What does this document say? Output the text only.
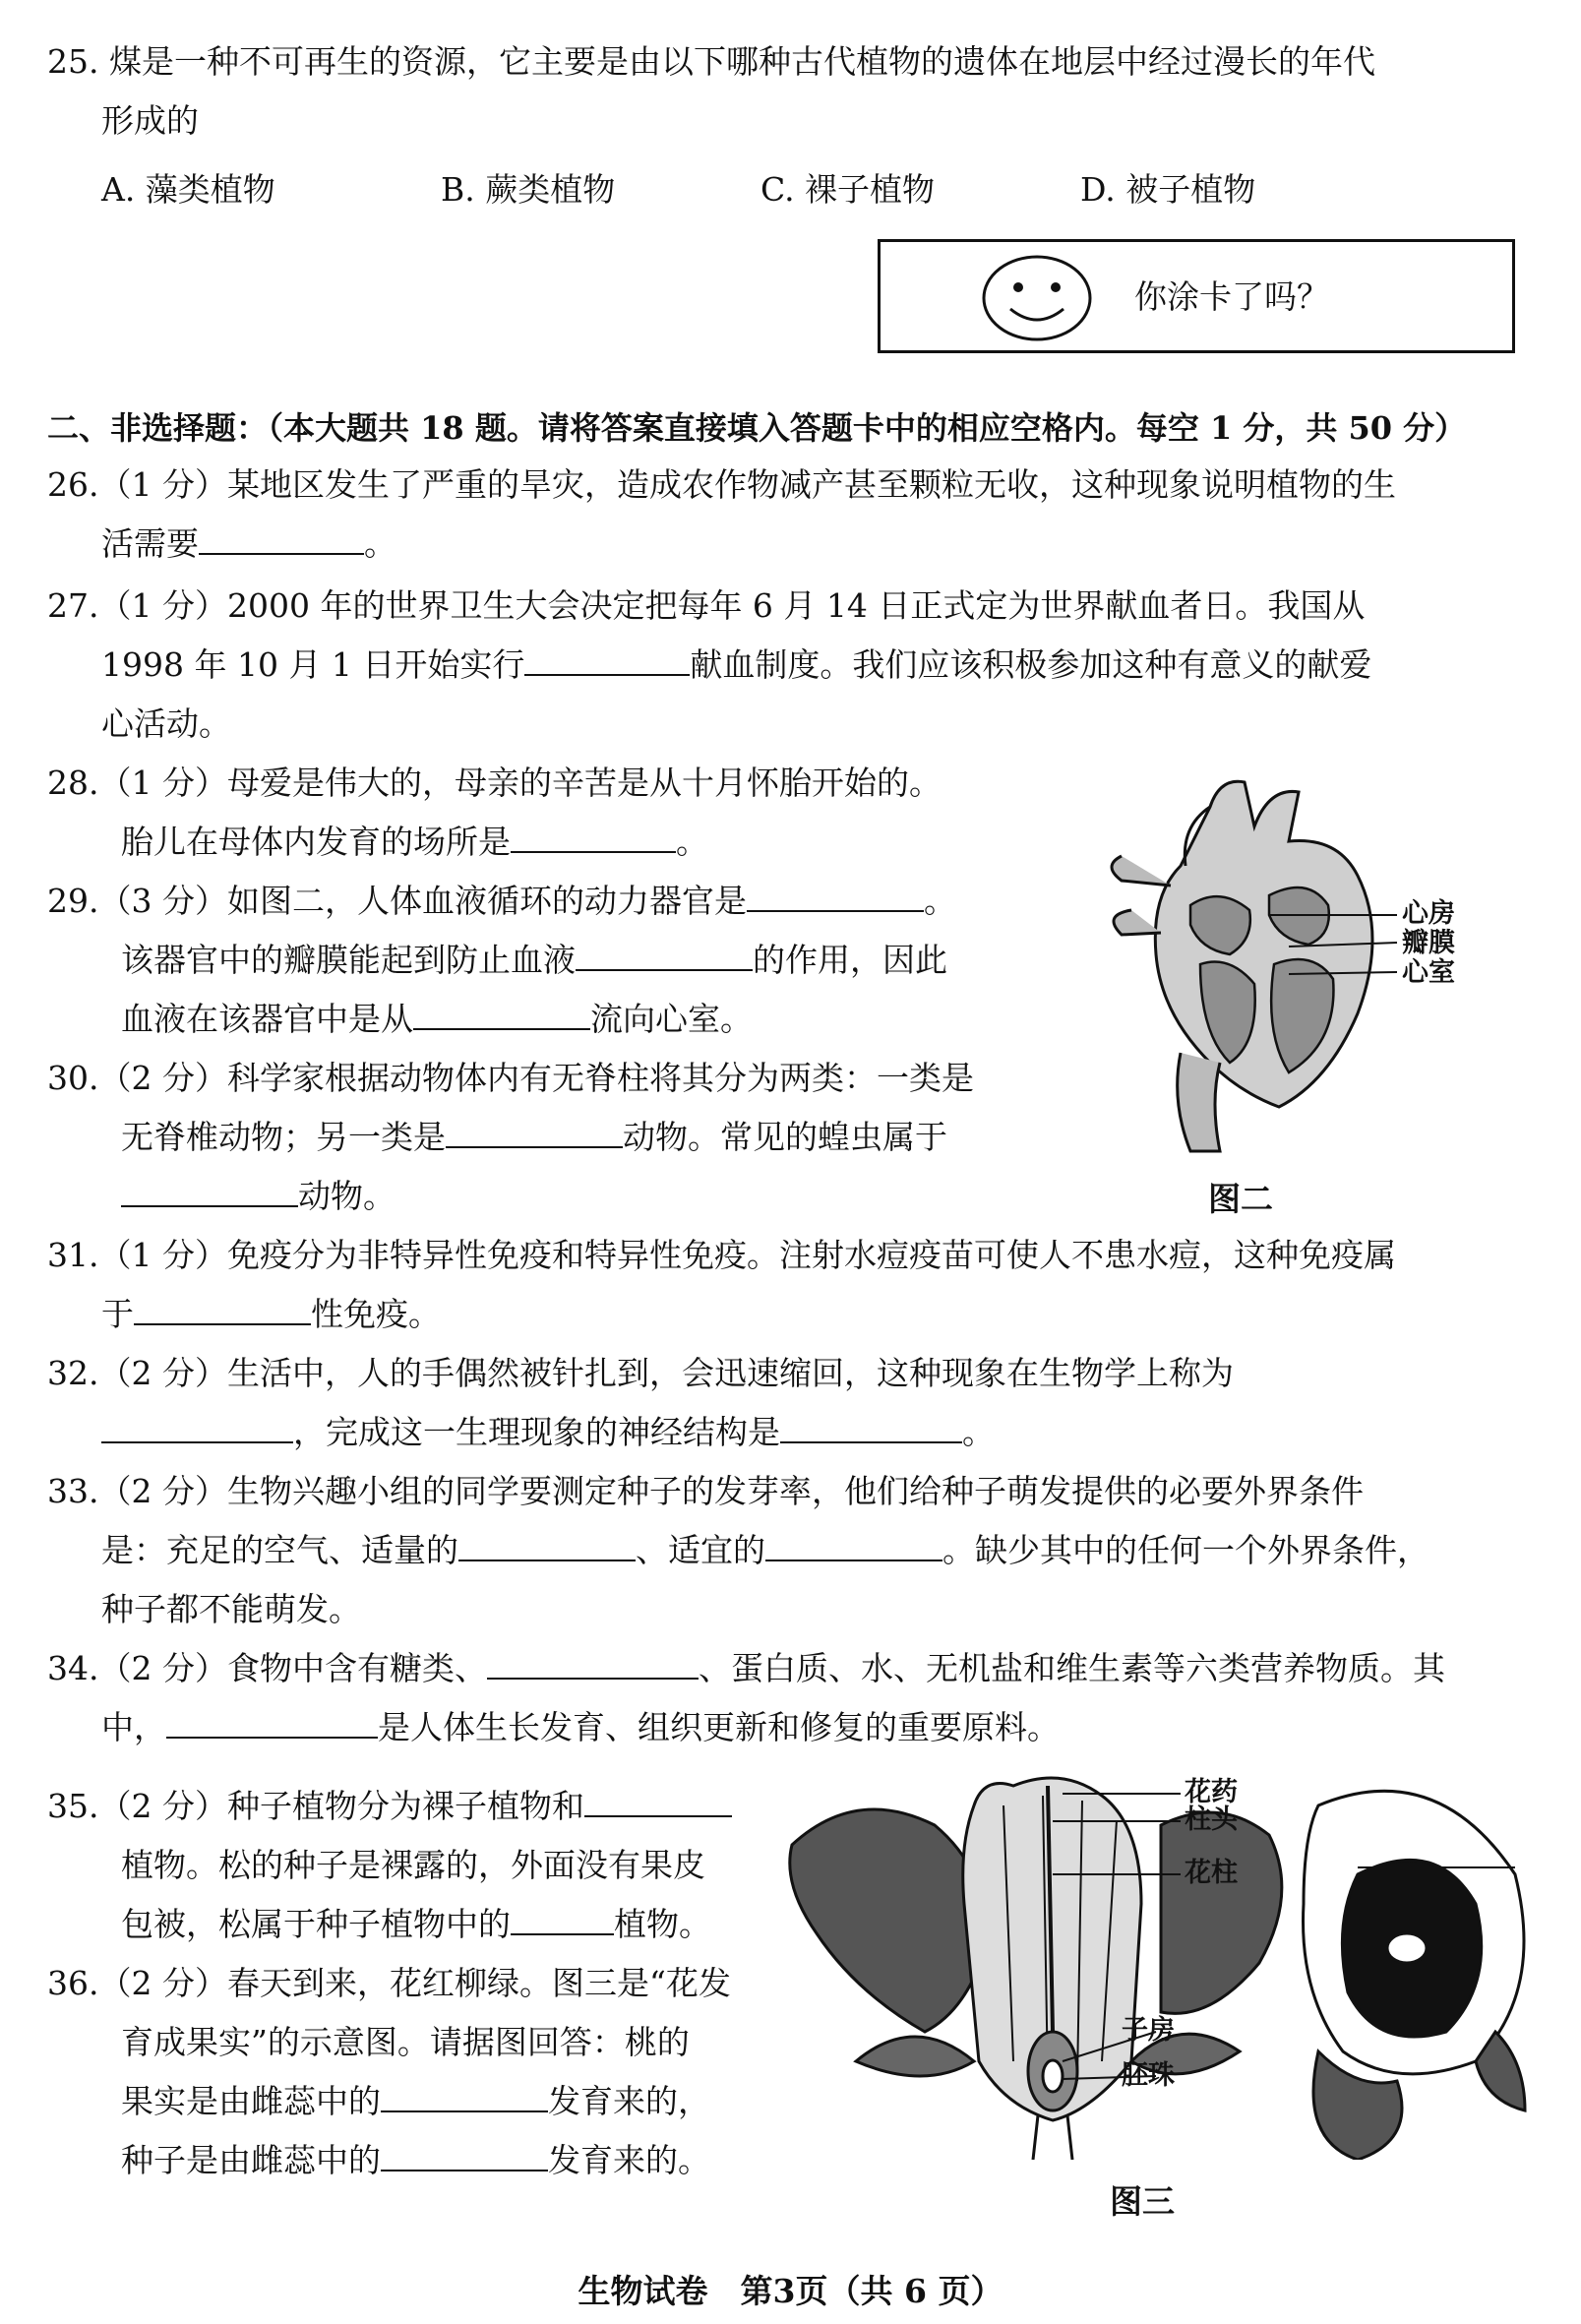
25. 煤是一种不可再生的资源，它主要是由以下哪种古代植物的遗体在地层中经过漫长的年代
形成的
A. 藻类植物	B. 蕨类植物	C. 裸子植物	D. 被子植物
你涂卡了吗？
二、非选择题：（本大题共 18 题。请将答案直接填入答题卡中的相应空格内。每空 1 分，共 50 分）
26.（1 分）某地区发生了严重的旱灾，造成农作物减产甚至颗粒无收，这种现象说明植物的生
活需要	。
27.（1 分）2000 年的世界卫生大会决定把每年 6 月 14 日正式定为世界献血者日。我国从
1998 年 10 月 1 日开始实行	献血制度。我们应该积极参加这种有意义的献爱
心活动。
28.（1 分）母爱是伟大的，母亲的辛苦是从十月怀胎开始的。
胎儿在母体内发育的场所是	。
29.（3 分）如图二，人体血液循环的动力器官是	。
该器官中的瓣膜能起到防止血液	的作用，因此
血液在该器官中是从	流向心室。
30.（2 分）科学家根据动物体内有无脊柱将其分为两类：一类是
无脊椎动物；另一类是	动物。常见的蝗虫属于
动物。
心房
瓣膜
心室
图二
31.（1 分）免疫分为非特异性免疫和特异性免疫。注射水痘疫苗可使人不患水痘，这种免疫属
于	性免疫。
32.（2 分）生活中，人的手偶然被针扎到，会迅速缩回，这种现象在生物学上称为
，完成这一生理现象的神经结构是	。
33.（2 分）生物兴趣小组的同学要测定种子的发芽率，他们给种子萌发提供的必要外界条件
是：充足的空气、适量的	、适宜的	。缺少其中的任何一个外界条件，
种子都不能萌发。
34.（2 分）食物中含有糖类、	、蛋白质、水、无机盐和维生素等六类营养物质。其
中，	是人体生长发育、组织更新和修复的重要原料。
35.（2 分）种子植物分为裸子植物和
植物。松的种子是裸露的，外面没有果皮
包被，松属于种子植物中的	植物。
36.（2 分）春天到来，花红柳绿。图三是“花发
育成果实”的示意图。请据图回答：桃的
果实是由雌蕊中的	发育来的，
种子是由雌蕊中的	发育来的。
花药
柱头
花柱
子房
胚珠
图三
生物试卷　第3页（共 6 页）
